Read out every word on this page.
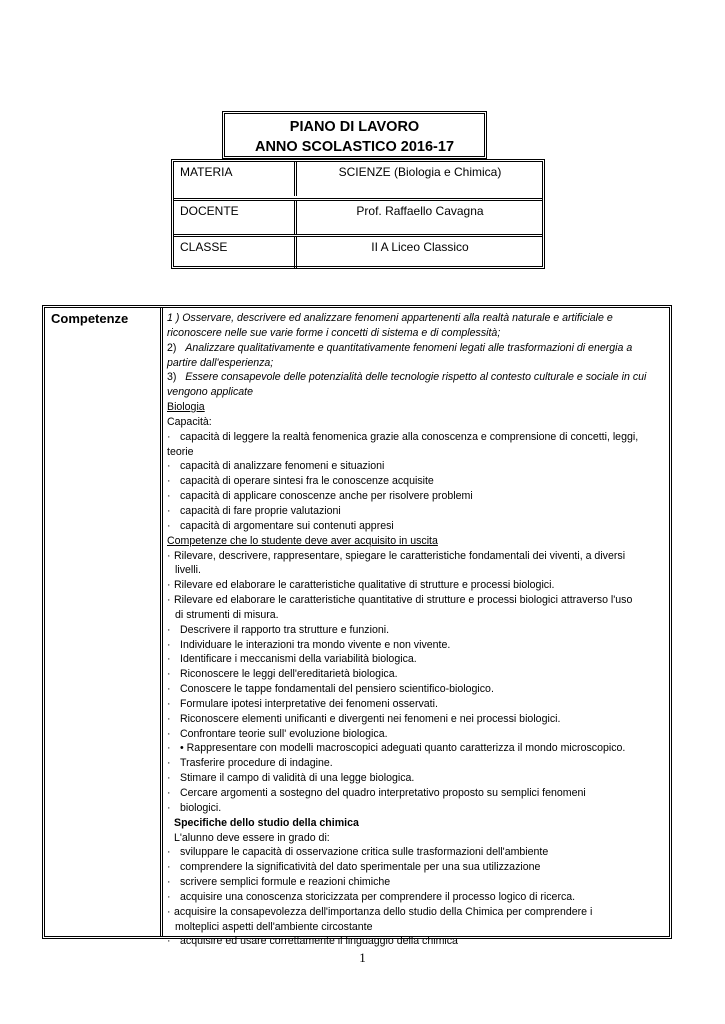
PIANO DI LAVORO
ANNO SCOLASTICO 2016-17
MATERIA	SCIENZE (Biologia e Chimica)
DOCENTE	Prof. Raffaello Cavagna
CLASSE	II A Liceo Classico
Competenze	1 ) Osservare, descrivere ed analizzare fenomeni appartenenti alla realtà naturale e artificiale e

riconoscere nelle sue varie forme i concetti di sistema e di complessità;

2) Analizzare qualitativamente e quantitativamente fenomeni legati alle trasformazioni di energia a

partire dall'esperienza;

3) Essere consapevole delle potenzialità delle tecnologie rispetto al contesto culturale e sociale in cui

vengono applicate

Biologia

Capacità:

· capacità di leggere la realtà fenomenica grazie alla conoscenza e comprensione di concetti, leggi,

teorie

· capacità di analizzare fenomeni e situazioni

· capacità di operare sintesi fra le conoscenze acquisite

· capacità di applicare conoscenze anche per risolvere problemi

· capacità di fare proprie valutazioni

· capacità di argomentare sui contenuti appresi

Competenze che lo studente deve aver acquisito in uscita

· Rilevare, descrivere, rappresentare, spiegare le caratteristiche fondamentali dei viventi, a diversi

livelli.

· Rilevare ed elaborare le caratteristiche qualitative di strutture e processi biologici.

· Rilevare ed elaborare le caratteristiche quantitative di strutture e processi biologici attraverso l'uso

di strumenti di misura.

· Descrivere il rapporto tra strutture e funzioni.

· Individuare le interazioni tra mondo vivente e non vivente.

· Identificare i meccanismi della variabilità biologica.

· Riconoscere le leggi dell'ereditarietà biologica.

· Conoscere le tappe fondamentali del pensiero scientifico-biologico.

· Formulare ipotesi interpretative dei fenomeni osservati.

· Riconoscere elementi unificanti e divergenti nei fenomeni e nei processi biologici.

· Confrontare teorie sull' evoluzione biologica.

· • Rappresentare con modelli macroscopici adeguati quanto caratterizza il mondo microscopico.

· Trasferire procedure di indagine.

· Stimare il campo di validità di una legge biologica.

· Cercare argomenti a sostegno del quadro interpretativo proposto su semplici fenomeni

· biologici.

Specifiche dello studio della chimica

L'alunno deve essere in grado di:

· sviluppare le capacità di osservazione critica sulle trasformazioni dell'ambiente

· comprendere la significatività del dato sperimentale per una sua utilizzazione

· scrivere semplici formule e reazioni chimiche

· acquisire una conoscenza storicizzata per comprendere il processo logico di ricerca.

· acquisire la consapevolezza dell'importanza dello studio della Chimica per comprendere i

molteplici aspetti dell'ambiente circostante

· acquisire ed usare correttamente il linguaggio della chimica

1
